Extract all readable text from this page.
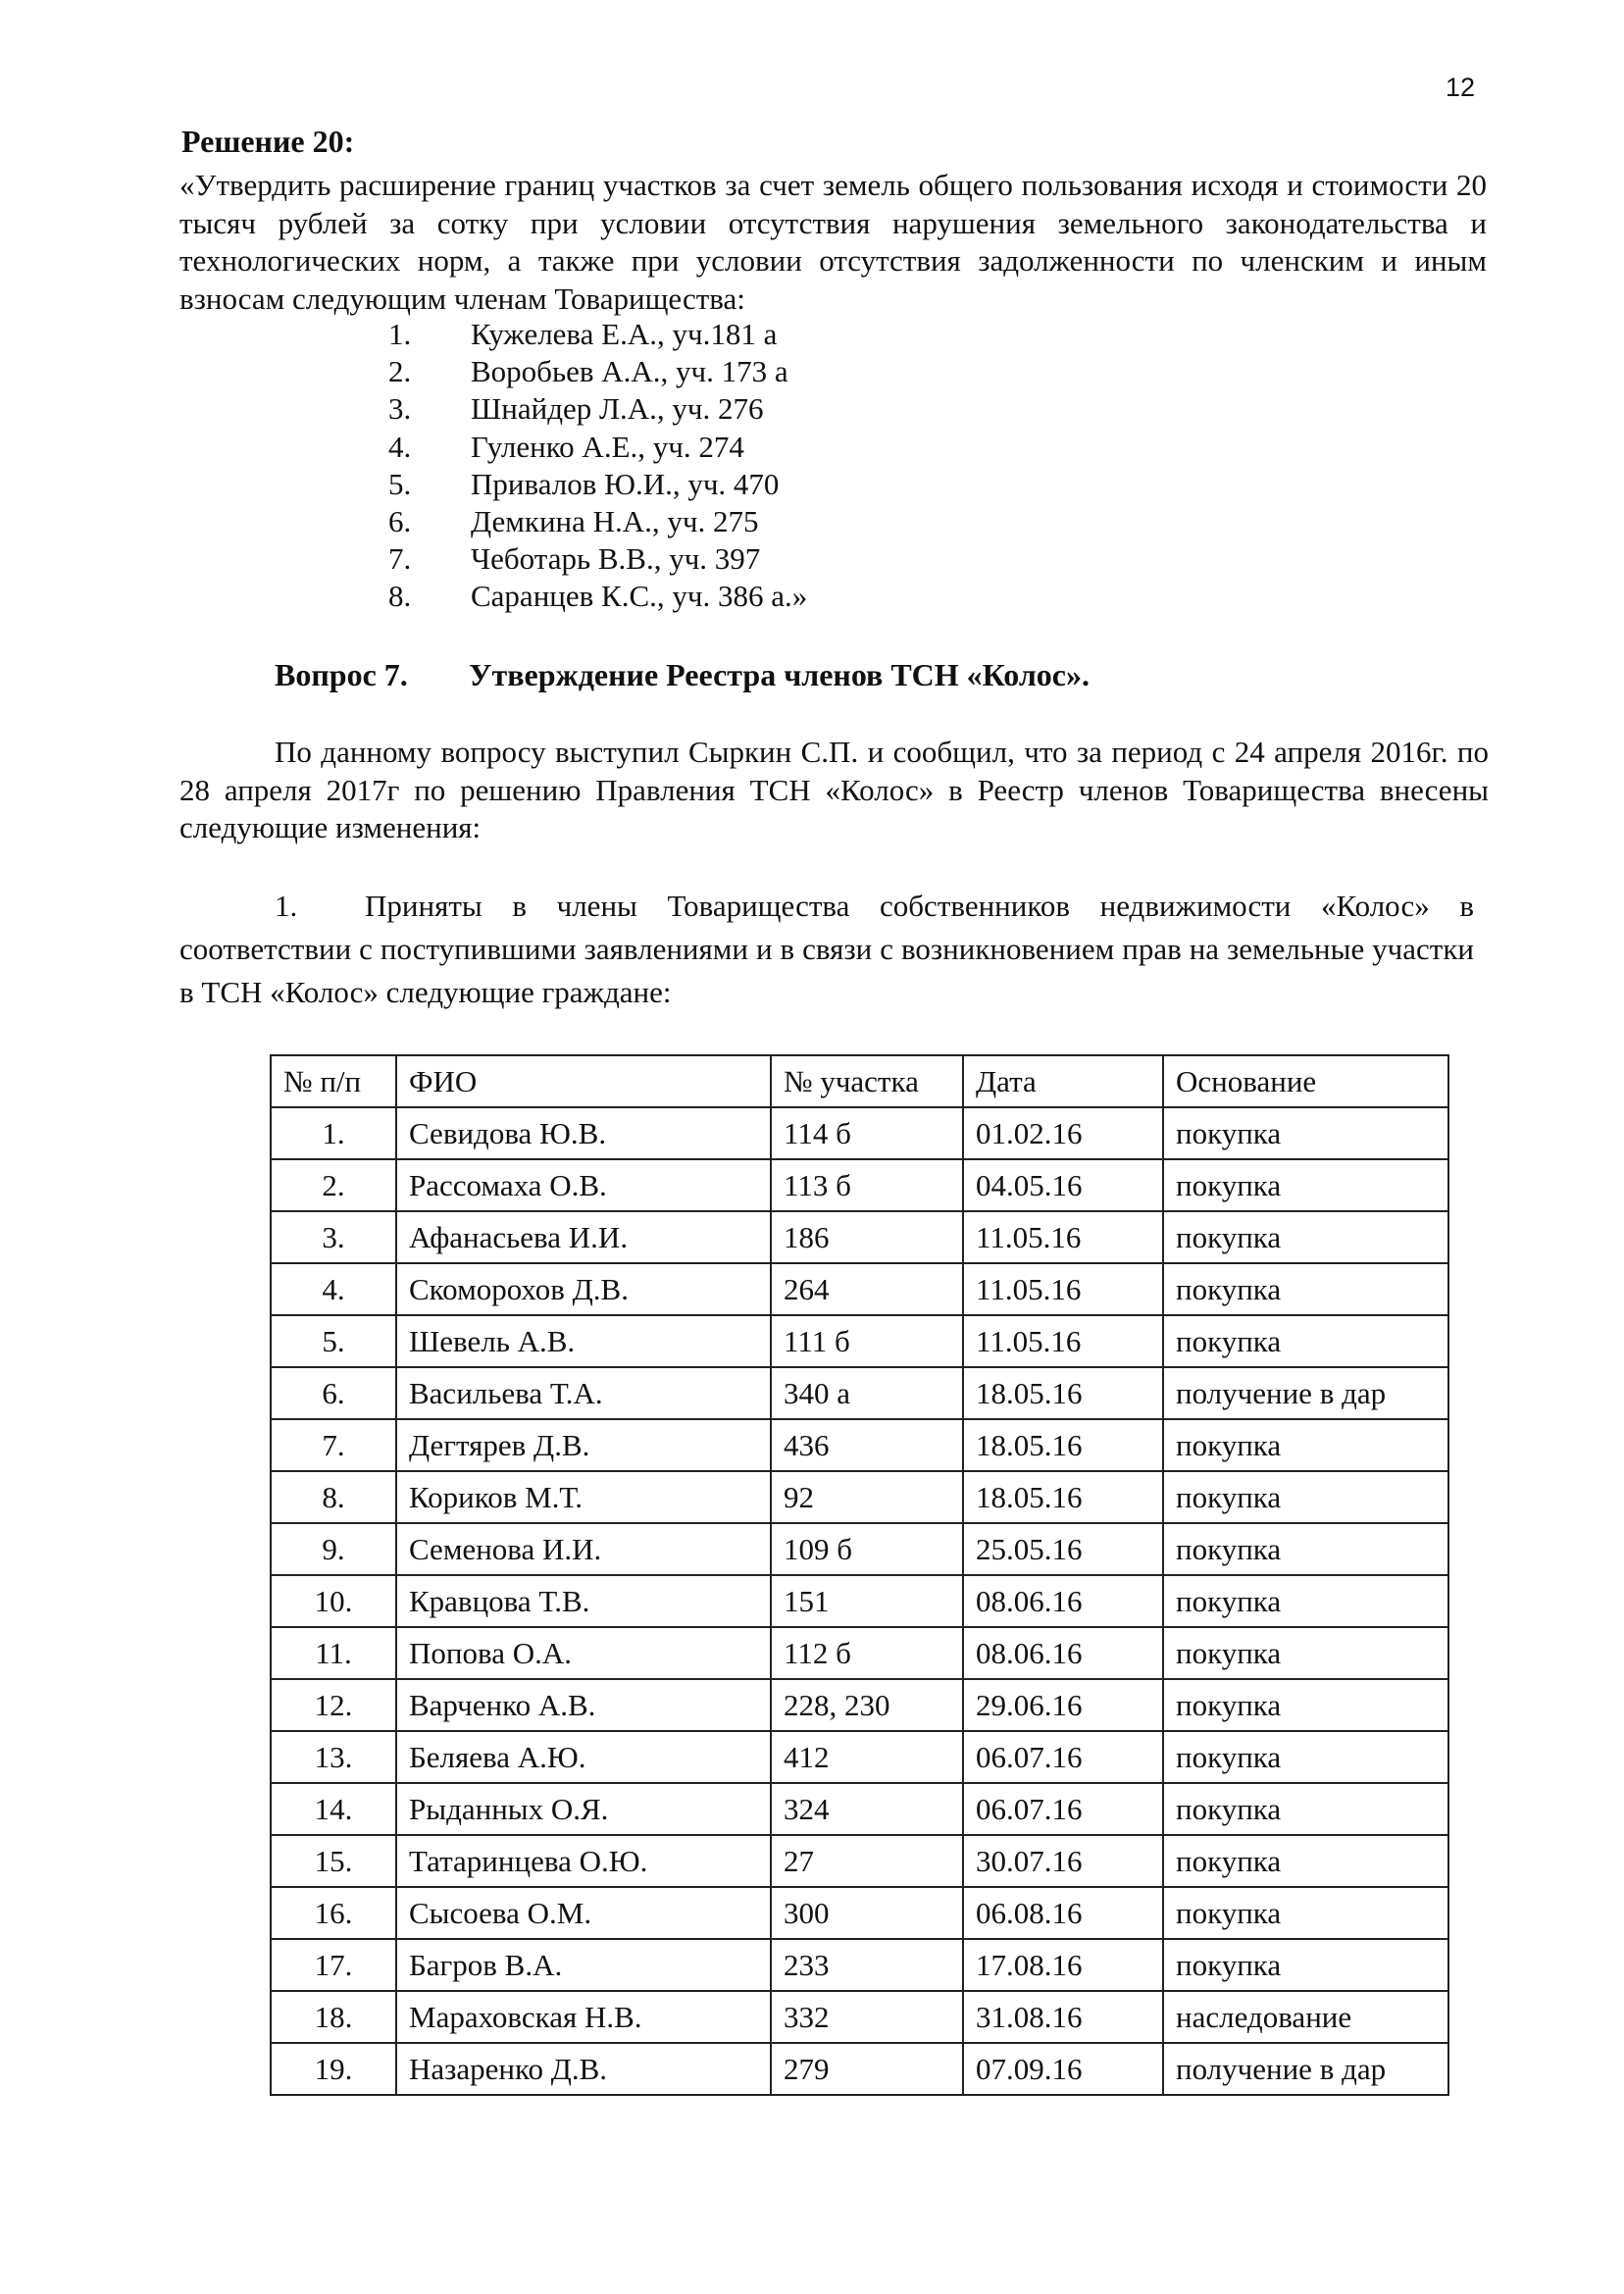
12
Решение 20:
«Утвердить расширение границ участков за счет земель общего пользования исходя и стоимости 20 тысяч рублей за сотку при условии отсутствия нарушения земельного законодательства и технологических норм, а также при условии отсутствия задолженности по членским и иным взносам следующим членам Товарищества:
1.	Кужелева Е.А., уч.181 а
2.	Воробьев А.А., уч. 173 а
3.	Шнайдер Л.А., уч. 276
4.	Гуленко А.Е., уч. 274
5.	Привалов Ю.И., уч. 470
6.	Демкина Н.А., уч. 275
7.	Чеботарь В.В., уч. 397
8.	Саранцев К.С., уч. 386 а.»
Вопрос 7. Утверждение Реестра членов ТСН «Колос».
По данному вопросу выступил Сыркин С.П. и сообщил, что за период с 24 апреля 2016г. по 28 апреля 2017г по решению Правления ТСН «Колос» в Реестр членов Товарищества внесены следующие изменения:
1. Приняты в члены Товарищества собственников недвижимости «Колос» в соответствии с поступившими заявлениями и в связи с возникновением прав на земельные участки в ТСН «Колос» следующие граждане:
№ п/п	ФИО	№ участка	Дата	Основание
1.	Севидова Ю.В.	114 б	01.02.16	покупка
2.	Рассомаха О.В.	113 б	04.05.16	покупка
3.	Афанасьева И.И.	186	11.05.16	покупка
4.	Скоморохов Д.В.	264	11.05.16	покупка
5.	Шевель А.В.	111 б	11.05.16	покупка
6.	Васильева Т.А.	340 а	18.05.16	получение в дар
7.	Дегтярев Д.В.	436	18.05.16	покупка
8.	Кориков М.Т.	92	18.05.16	покупка
9.	Семенова И.И.	109 б	25.05.16	покупка
10.	Кравцова Т.В.	151	08.06.16	покупка
11.	Попова О.А.	112 б	08.06.16	покупка
12.	Варченко А.В.	228, 230	29.06.16	покупка
13.	Беляева А.Ю.	412	06.07.16	покупка
14.	Рыданных О.Я.	324	06.07.16	покупка
15.	Татаринцева О.Ю.	27	30.07.16	покупка
16.	Сысоева О.М.	300	06.08.16	покупка
17.	Багров В.А.	233	17.08.16	покупка
18.	Мараховская Н.В.	332	31.08.16	наследование
19.	Назаренко Д.В.	279	07.09.16	получение в дар
